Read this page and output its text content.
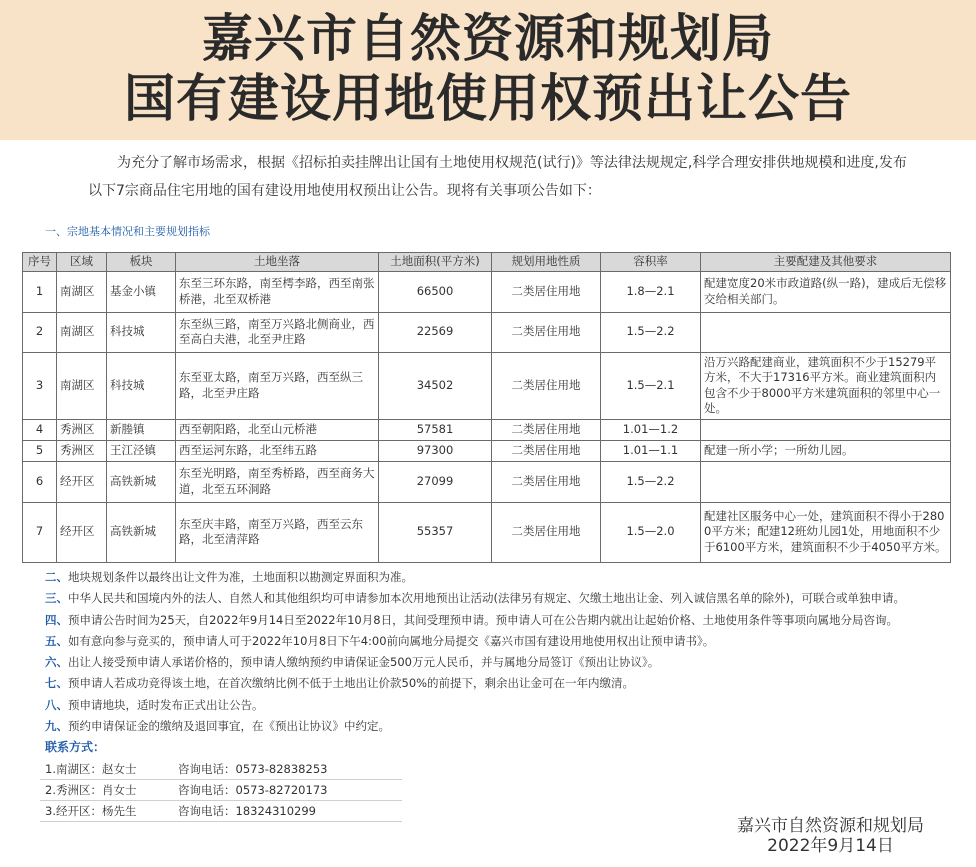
嘉兴市自然资源和规划局
国有建设用地使用权预出让公告
为充分了解市场需求，根据《招标拍卖挂牌出让国有土地使用权规范(试行)》等法律法规规定,科学合理安排供地规模和进度,发布
以下7宗商品住宅用地的国有建设用地使用权预出让公告。现将有关事项公告如下：
一、宗地基本情况和主要规划指标
序号	区域	板块	土地坐落	土地面积(平方米)	规划用地性质	容积率	主要配建及其他要求
1	南湖区	基金小镇	东至三环东路，南至樗李路，西至南张桥港，北至双桥港	66500	二类居住用地	1.8—2.1	配建宽度20米市政道路(纵一路)，建成后无偿移交给相关部门。
2	南湖区	科技城	东至纵三路，南至万兴路北侧商业，西至高白夫港，北至尹庄路	22569	二类居住用地	1.5—2.2	
3	南湖区	科技城	东至亚太路，南至万兴路，西至纵三路，北至尹庄路	34502	二类居住用地	1.5—2.1	沿万兴路配建商业，建筑面积不少于15279平方米，不大于17316平方米。商业建筑面积内包含不少于8000平方米建筑面积的邻里中心一处。
4	秀洲区	新塍镇	西至朝阳路，北至山元桥港	57581	二类居住用地	1.01—1.2	
5	秀洲区	王江泾镇	西至运河东路，北至纬五路	97300	二类居住用地	1.01—1.1	配建一所小学；一所幼儿园。
6	经开区	高铁新城	东至光明路，南至秀桥路，西至商务大道，北至五环洞路	27099	二类居住用地	1.5—2.2	
7	经开区	高铁新城	东至庆丰路，南至万兴路，西至云东路，北至清萍路	55357	二类居住用地	1.5—2.0	配建社区服务中心一处，建筑面积不得小于2800平方米；配建12班幼儿园1处，用地面积不少于6100平方米，建筑面积不少于4050平方米。
二、地块规划条件以最终出让文件为准，土地面积以勘测定界面积为准。
三、中华人民共和国境内外的法人、自然人和其他组织均可申请参加本次用地预出让活动(法律另有规定、欠缴土地出让金、列入诚信黑名单的除外)，可联合或单独申请。
四、预申请公告时间为25天，自2022年9月14日至2022年10月8日，其间受理预申请。预申请人可在公告期内就出让起始价格、土地使用条件等事项向属地分局咨询。
五、如有意向参与竞买的，预申请人可于2022年10月8日下午4:00前向属地分局提交《嘉兴市国有建设用地使用权出让预申请书》。
六、出让人接受预申请人承诺价格的，预申请人缴纳预约申请保证金500万元人民币，并与属地分局签订《预出让协议》。
七、预申请人若成功竞得该土地，在首次缴纳比例不低于土地出让价款50%的前提下，剩余出让金可在一年内缴清。
八、预申请地块，适时发布正式出让公告。
九、预约申请保证金的缴纳及退回事宜，在《预出让协议》中约定。
联系方式：
1.南湖区：赵女士	咨询电话：0573-82838253
2.秀洲区：肖女士	咨询电话：0573-82720173
3.经开区：杨先生	咨询电话：18324310299
嘉兴市自然资源和规划局
2022年9月14日
